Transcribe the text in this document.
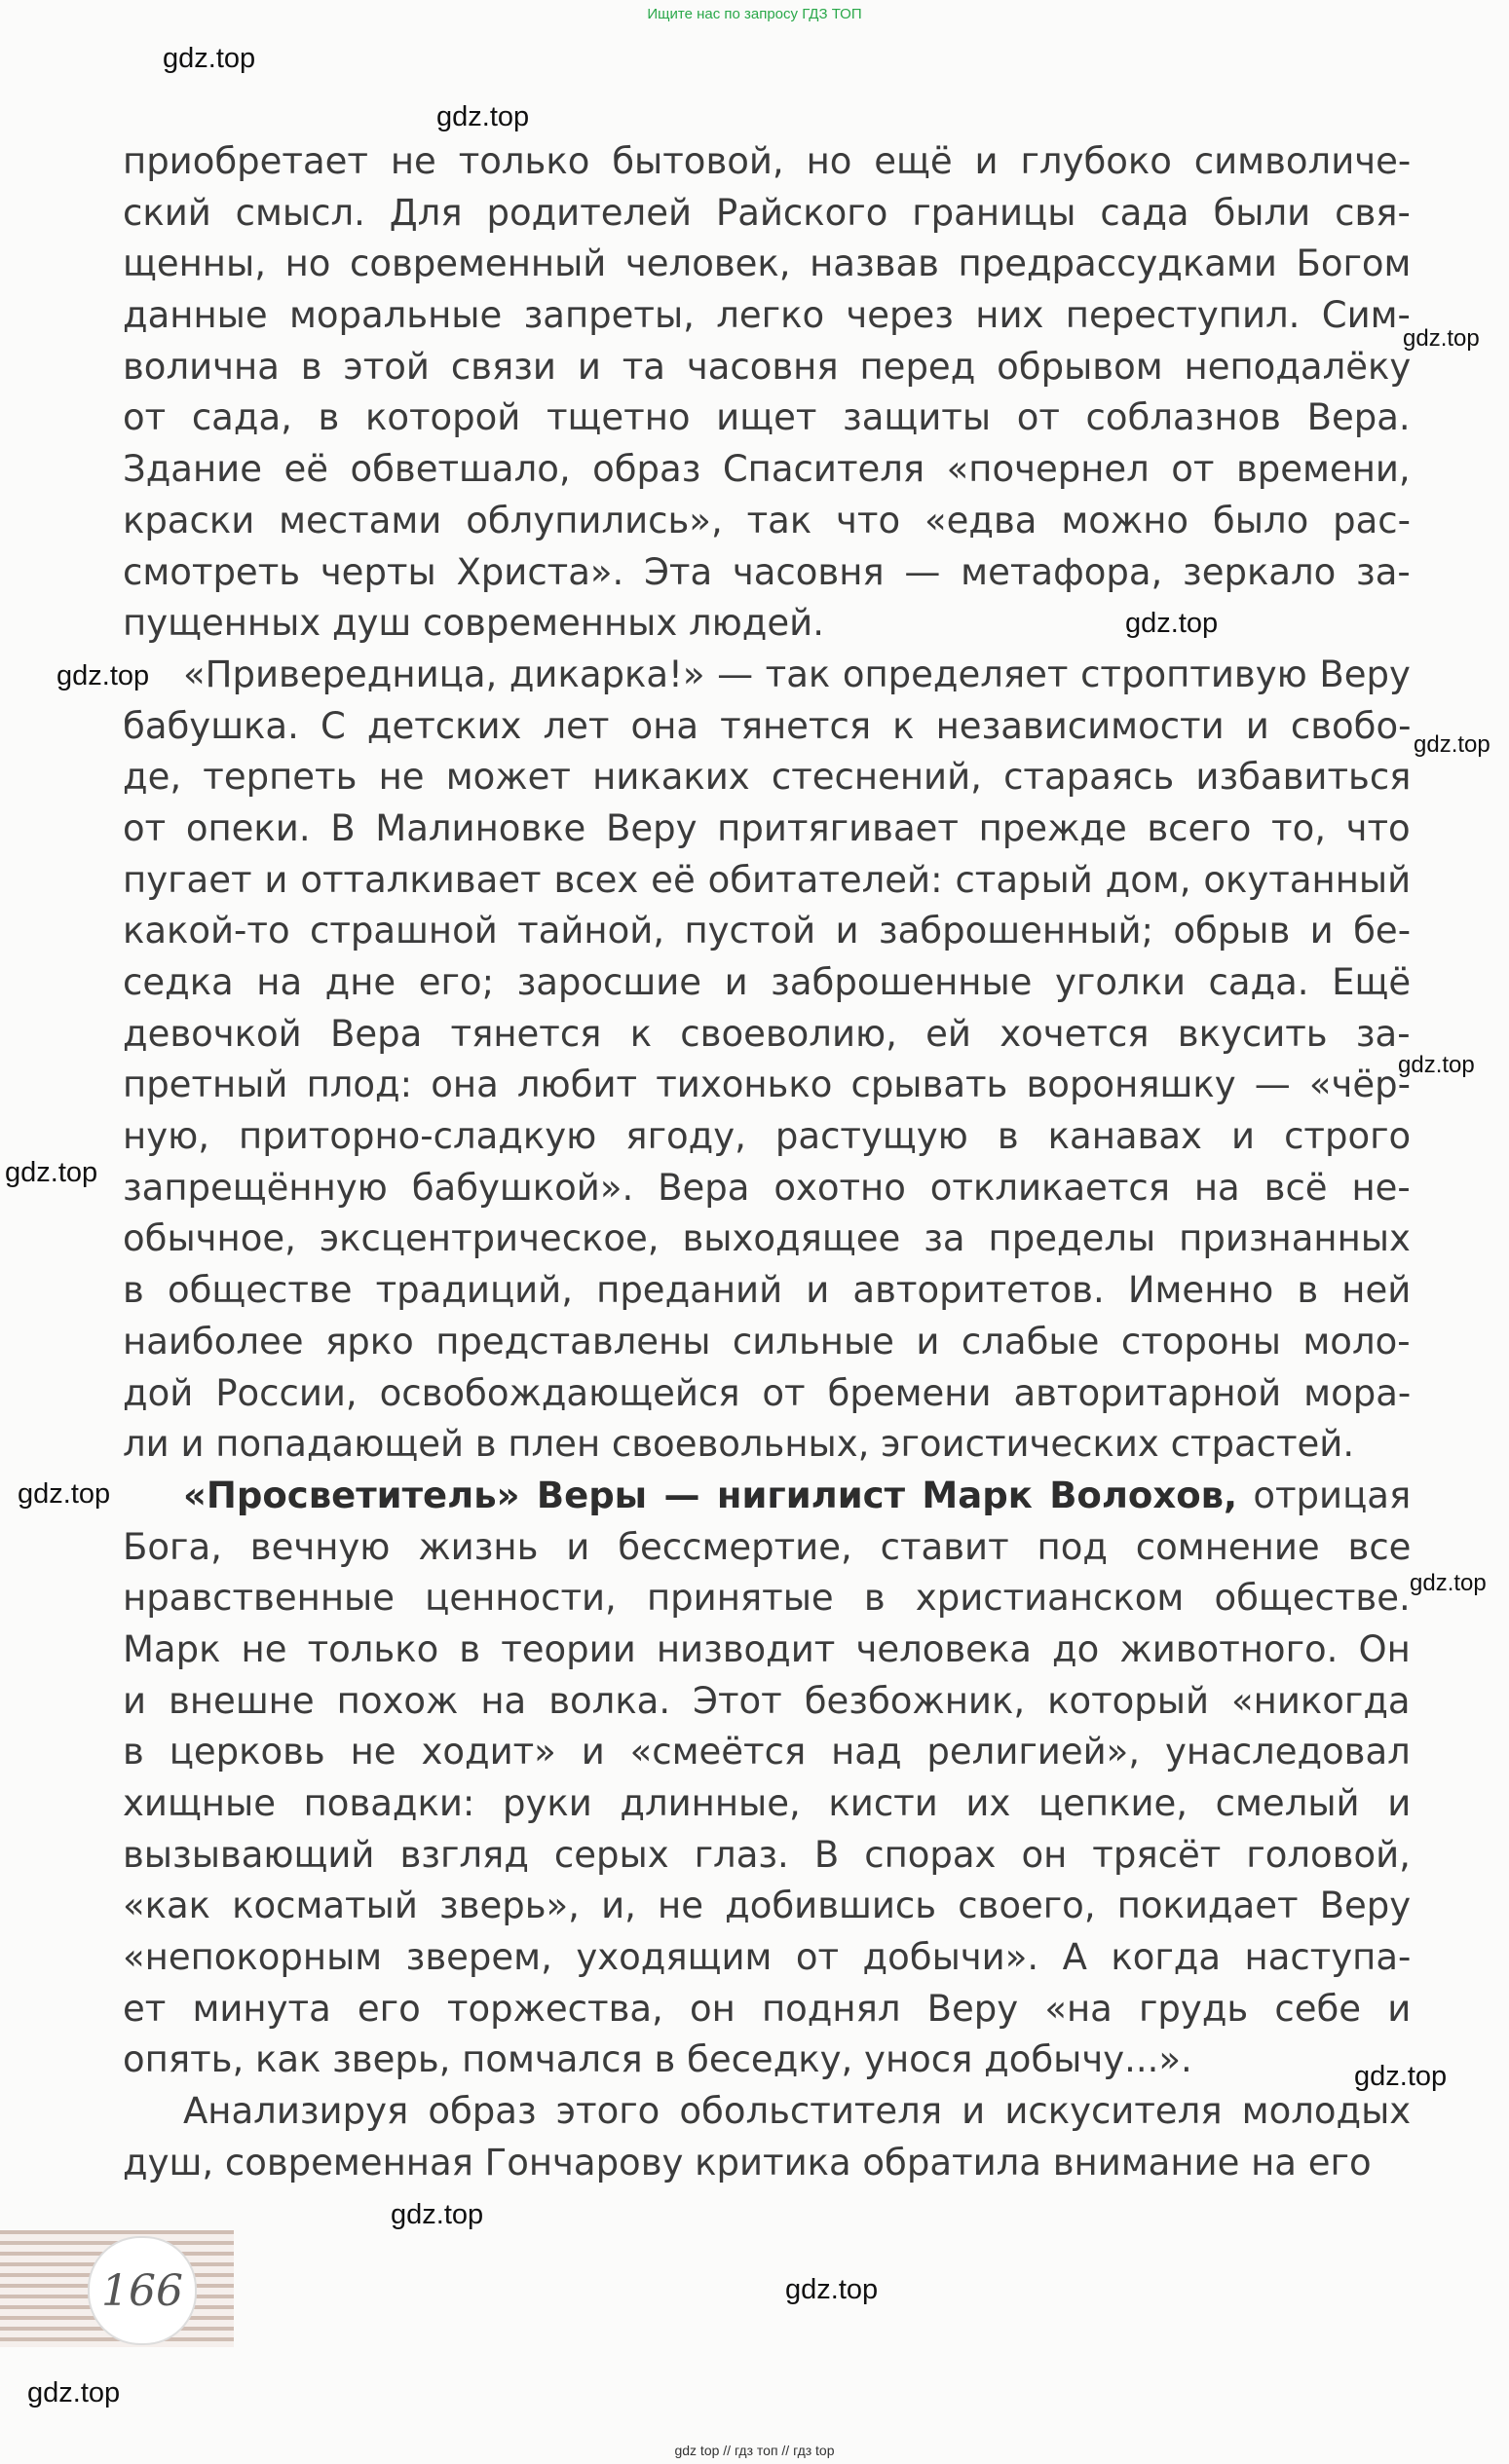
Ищите нас по запросу ГДЗ ТОП
приобретает не только бытовой, но ещё и глубоко символиче-
ский смысл. Для родителей Райского границы сада были свя-
щенны, но современный человек, назвав предрассудками Богом
данные моральные запреты, легко через них переступил. Сим-
волична в этой связи и та часовня перед обрывом неподалёку
от сада, в которой тщетно ищет защиты от соблазнов Вера.
Здание её обветшало, образ Спасителя «почернел от времени,
краски местами облупились», так что «едва можно было рас-
смотреть черты Христа». Эта часовня — метафора, зеркало за-
пущенных душ современных людей.
«Привередница, дикарка!» — так определяет строптивую Веру
бабушка. С детских лет она тянется к независимости и свобо-
де, терпеть не может никаких стеснений, стараясь избавиться
от опеки. В Малиновке Веру притягивает прежде всего то, что
пугает и отталкивает всех её обитателей: старый дом, окутанный
какой-то страшной тайной, пустой и заброшенный; обрыв и бе-
седка на дне его; заросшие и заброшенные уголки сада. Ещё
девочкой Вера тянется к своеволию, ей хочется вкусить за-
претный плод: она любит тихонько срывать вороняшку — «чёр-
ную, приторно-сладкую ягоду, растущую в канавах и строго
запрещённую бабушкой». Вера охотно откликается на всё не-
обычное, эксцентрическое, выходящее за пределы признанных
в обществе традиций, преданий и авторитетов. Именно в ней
наиболее ярко представлены сильные и слабые стороны моло-
дой России, освобождающейся от бремени авторитарной мора-
ли и попадающей в плен своевольных, эгоистических страстей.
«Просветитель» Веры — нигилист Марк Волохов, отрицая
Бога, вечную жизнь и бессмертие, ставит под сомнение все
нравственные ценности, принятые в христианском обществе.
Марк не только в теории низводит человека до животного. Он
и внешне похож на волка. Этот безбожник, который «никогда
в церковь не ходит» и «смеётся над религией», унаследовал
хищные повадки: руки длинные, кисти их цепкие, смелый и
вызывающий взгляд серых глаз. В спорах он трясёт головой,
«как косматый зверь», и, не добившись своего, покидает Веру
«непокорным зверем, уходящим от добычи». А когда наступа-
ет минута его торжества, он поднял Веру «на грудь себе и
опять, как зверь, помчался в беседку, унося добычу...».
Анализируя образ этого обольстителя и искусителя молодых
душ, современная Гончарову критика обратила внимание на его
gdz.top
gdz.top
gdz.top
gdz.top
gdz.top
gdz.top
gdz.top
gdz.top
gdz.top
gdz.top
gdz.top
gdz.top
gdz.top
gdz.top
166
gdz top // гдз топ // гдз top
